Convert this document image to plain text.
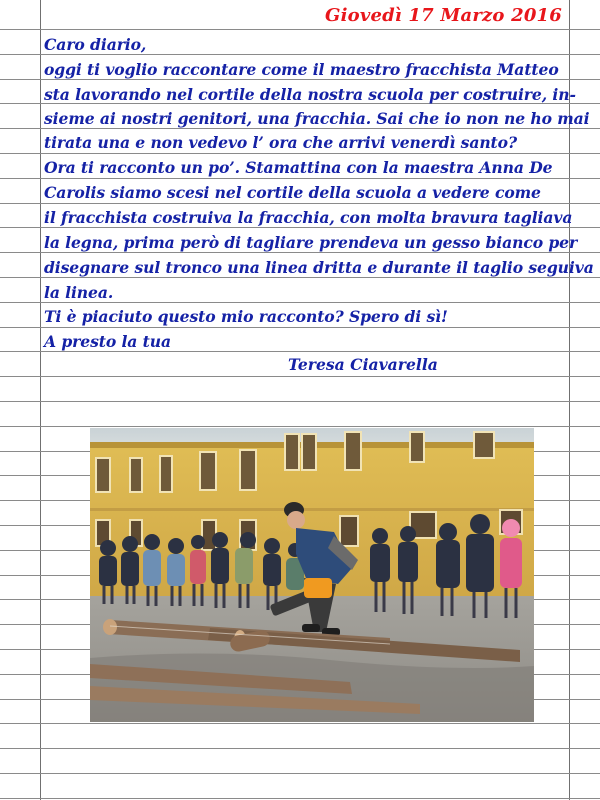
Giovedì 17 Marzo 2016
Caro diario,
oggi ti voglio raccontare come il maestro fracchista Matteo
sta lavorando nel cortile della nostra scuola per costruire, in-
sieme ai nostri genitori, una fracchia. Sai che io non ne ho mai
tirata una e non vedevo l’ ora che arrivi venerdì santo?
Ora ti racconto un po’. Stamattina con la maestra Anna De
Carolis siamo scesi nel cortile della scuola a vedere come
il fracchista costruiva la fracchia, con molta bravura tagliava
la legna, prima però di tagliare prendeva un gesso bianco per
disegnare sul tronco una linea dritta e durante il taglio seguiva
la linea.
Ti è piaciuto questo mio racconto? Spero di sì!
A presto la tua
Teresa Ciavarella
